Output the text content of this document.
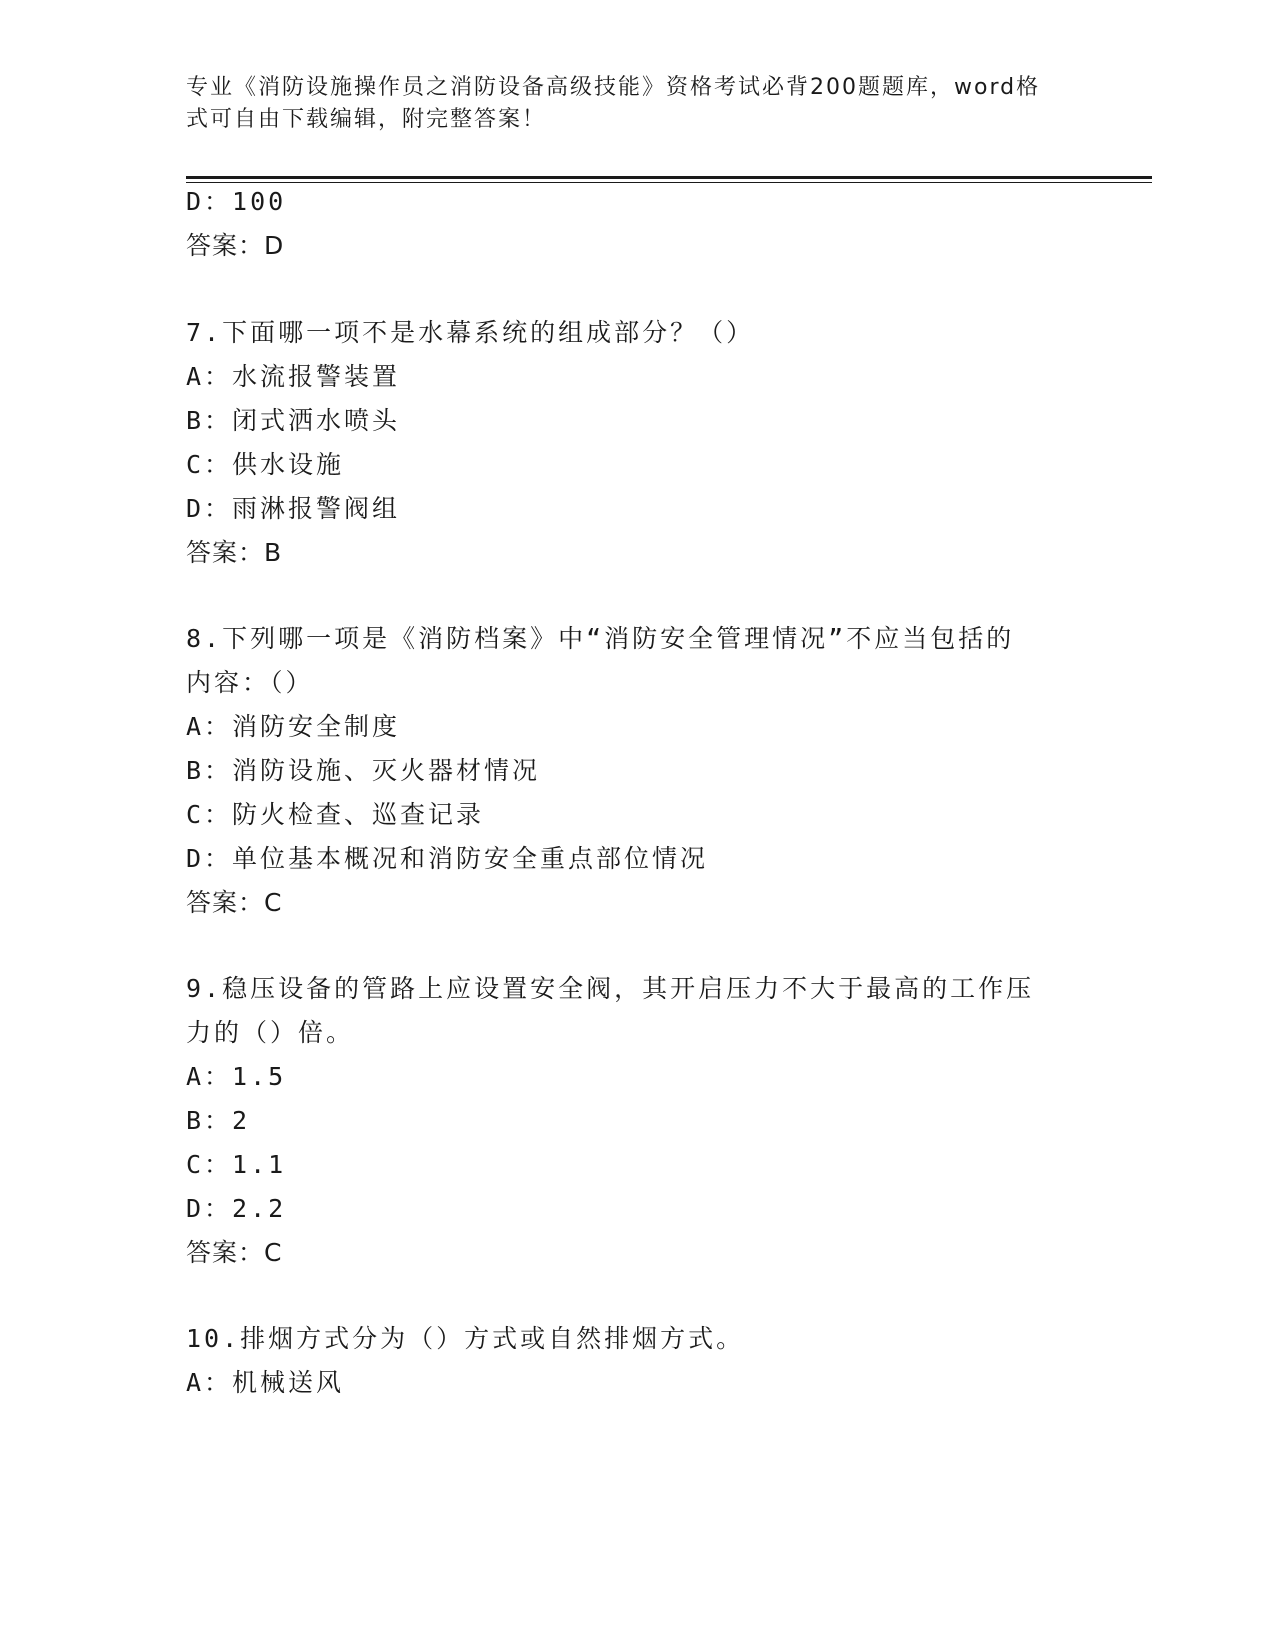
专业《消防设施操作员之消防设备高级技能》资格考试必背200题题库，word格
式可自由下载编辑，附完整答案！
D：100
答案：D
7.下面哪一项不是水幕系统的组成部分？（）
A：水流报警装置
B：闭式洒水喷头
C：供水设施
D：雨淋报警阀组
答案：B
8.下列哪一项是《消防档案》中“消防安全管理情况”不应当包括的
内容：（）
A：消防安全制度
B：消防设施、灭火器材情况
C：防火检查、巡查记录
D：单位基本概况和消防安全重点部位情况
答案：C
9.稳压设备的管路上应设置安全阀，其开启压力不大于最高的工作压
力的（）倍。
A：1.5
B：2
C：1.1
D：2.2
答案：C
10.排烟方式分为（）方式或自然排烟方式。
A：机械送风
